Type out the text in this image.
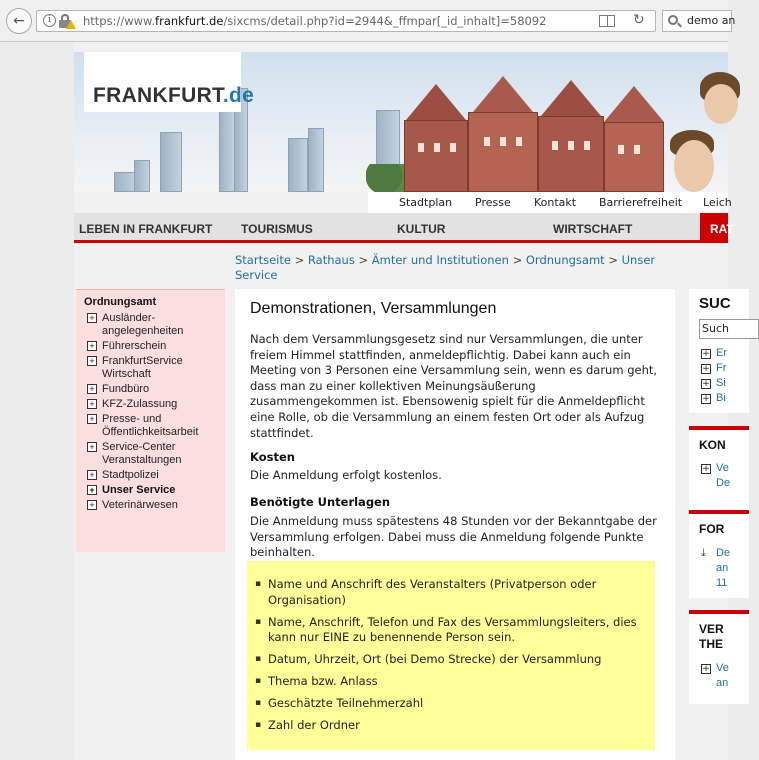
←	i	https://www.frankfurt.de/sixcms/detail.php?id=2944&_ffmpar[_id_inhalt]=58092	↻	demo an
FRANKFURT.de
Stadtplan Presse Kontakt Barrierefreiheit Leich
LEBEN IN FRANKFURT TOURISMUS	KULTUR	WIRTSCHAFT	RAT
Startseite > Rathaus > Ämter und Institutionen > Ordnungsamt > Unser Service
Ordnungsamt
+ Ausländer-angelegenheiten
+ Führerschein
+ FrankfurtService Wirtschaft
+ Fundbüro
+ KFZ-Zulassung
+ Presse- und Öffentlichkeitsarbeit
+ Service-Center Veranstaltungen
+ Stadtpolizei
+ Unser Service
+ Veterinärwesen
Demonstrationen, Versammlungen

Nach dem Versammlungsgesetz sind nur Versammlungen, die unter freiem Himmel stattfinden, anmeldepflichtig. Dabei kann auch ein Meeting von 3 Personen eine Versammlung sein, wenn es darum geht, dass man zu einer kollektiven Meinungsäußerung zusammengekommen ist. Ebensowenig spielt für die Anmeldepflicht eine Rolle, ob die Versammlung an einem festen Ort oder als Aufzug stattfindet.

Kosten

Die Anmeldung erfolgt kostenlos.

Benötigte Unterlagen

Die Anmeldung muss spätestens 48 Stunden vor der Bekanntgabe der Versammlung erfolgen. Dabei muss die Anmeldung folgende Punkte beinhalten.

▪ Name und Anschrift des Veranstalters (Privatperson oder Organisation)
▪ Name, Anschrift, Telefon und Fax des Versammlungsleiters, dies kann nur EINE zu benennende Person sein.
▪ Datum, Uhrzeit, Ort (bei Demo Strecke) der Versammlung
▪ Thema bzw. Anlass
▪ Geschätzte Teilnehmerzahl
▪ Zahl der Ordner
SUC
Such
+ Er
+ Fr
+ Si
+ Bi
KON
+ Ve
De
FOR
⤓ De
an
11
VER
THE
+ Ve
an
